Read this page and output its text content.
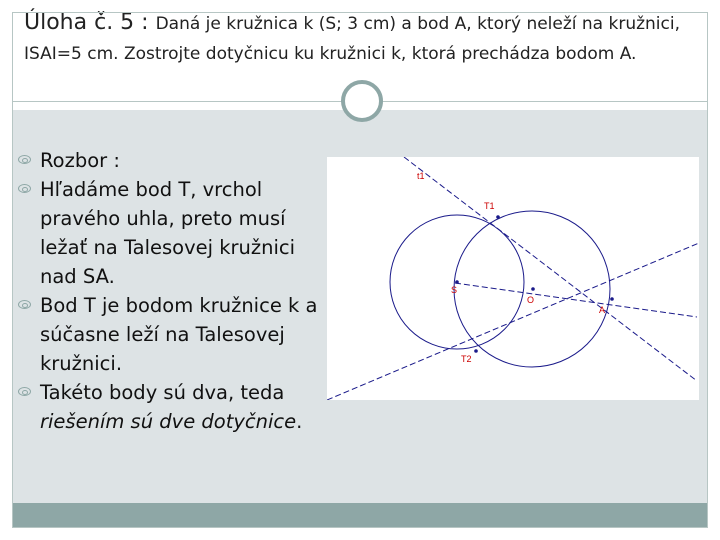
Úloha č. 5 : Daná je kružnica k (S; 3 cm) a bod A, ktorý neleží na kružnici, ISAI=5 cm. Zostrojte dotyčnicu ku kružnici k, ktorá prechádza bodom A.
Rozbor :
Hľadáme bod T, vrchol pravého uhla, preto musí ležať na Talesovej kružnici nad SA.
Bod T je bodom kružnice k a súčasne leží na Talesovej kružnici.
Takéto body sú dva, teda riešením sú dve dotyčnice.
t1
T1
S
O
A
T2
